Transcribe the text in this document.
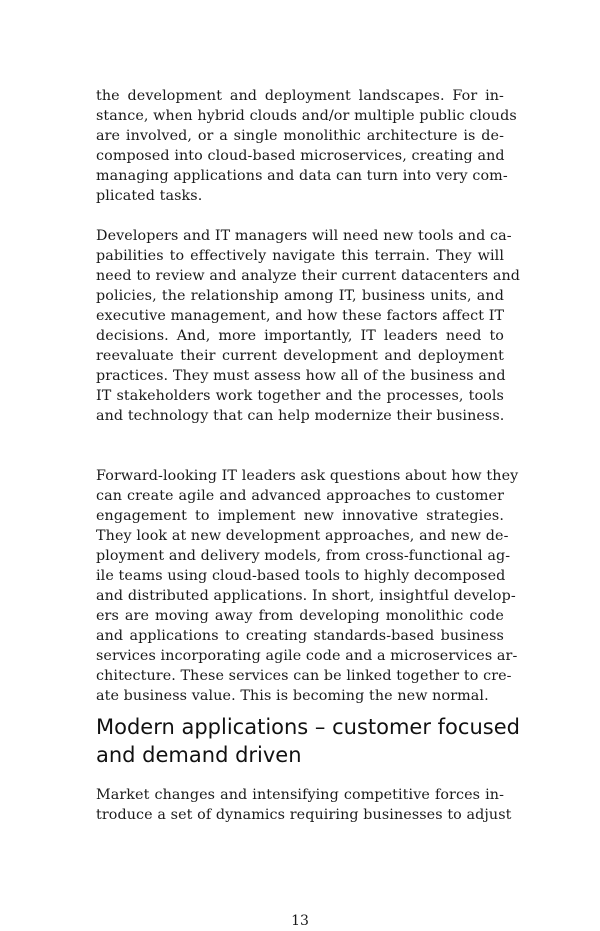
the development and deployment landscapes. For in-
stance, when hybrid clouds and/or multiple public clouds
are involved, or a single monolithic architecture is de-
composed into cloud-based microservices, creating and
managing applications and data can turn into very com-
plicated tasks.

Developers and IT managers will need new tools and ca-
pabilities to effectively navigate this terrain. They will
need to review and analyze their current datacenters and
policies, the relationship among IT, business units, and
executive management, and how these factors affect IT
decisions. And, more importantly, IT leaders need to
reevaluate their current development and deployment
practices. They must assess how all of the business and
IT stakeholders work together and the processes, tools
and technology that can help modernize their business.

Forward-looking IT leaders ask questions about how they
can create agile and advanced approaches to customer
engagement to implement new innovative strategies.
They look at new development approaches, and new de-
ployment and delivery models, from cross-functional ag-
ile teams using cloud-based tools to highly decomposed
and distributed applications. In short, insightful develop-
ers are moving away from developing monolithic code
and applications to creating standards-based business
services incorporating agile code and a microservices ar-
chitecture. These services can be linked together to cre-
ate business value. This is becoming the new normal.

Modern applications – customer focused
and demand driven

Market changes and intensifying competitive forces in-
troduce a set of dynamics requiring businesses to adjust

13
